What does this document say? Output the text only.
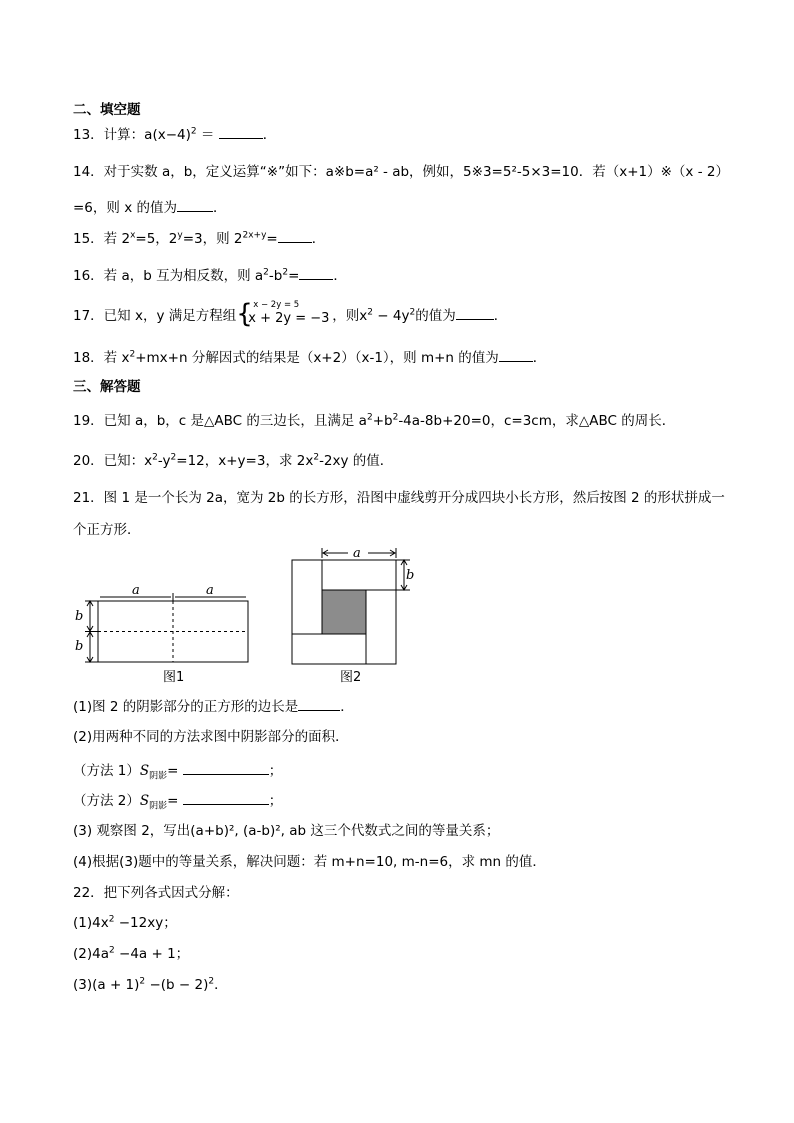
二、填空题
13．计算：$a(x-4)^2$ ＝	．
14．对于实数 a，b，定义运算“※”如下：a※b=a² - ab，例如，5※3=5²-5×3=10．若（x+1）※（x - 2）
=6，则 x 的值为	．
15．若 $2^x=5$，$2^y=3$，则 $2^{2x+y}=$	．
16．若 a，b 互为相反数，则 $a^2-b^2=$	．
17．已知 x，y 满足方程组 { x − 2y = 5
x + 2y = −3 ，则$x^2 - 4y^2$的值为	．
18．若 $x^2+mx+n$ 分解因式的结果是（x+2）（x-1），则 m+n 的值为	．
三、解答题
19．已知 a，b，c 是△ABC 的三边长，且满足 $a^2+b^2-4a-8b+20=0$，c=3cm，求△ABC 的周长．
20．已知：$x^2-y^2=12$，x+y=3，求 $2x^2-2xy$ 的值．
21．图 1 是一个长为 2a，宽为 2b 的长方形，沿图中虚线剪开分成四块小长方形，然后按图 2 的形状拼成一
个正方形．
a	a
b
b
图1
a
b
图2
(1)图 2 的阴影部分的正方形的边长是	．
(2)用两种不同的方法求图中阴影部分的面积．
（方法 $1)S_{阴影}=$	；
（方法 $2)S_{阴影}=$	；
(3) 观察图 2，写出(a+b)², (a-b)², ab 这三个代数式之间的等量关系；
(4)根据(3)题中的等量关系，解决问题：若 m+n=10, m-n=6，求 mn 的值．
22．把下列各式因式分解：
$(1)4x^2 -12xy$；
$(2)4a^2 -4a + 1$；
$(3)(a + 1)^2 -(b - 2)^2$．
